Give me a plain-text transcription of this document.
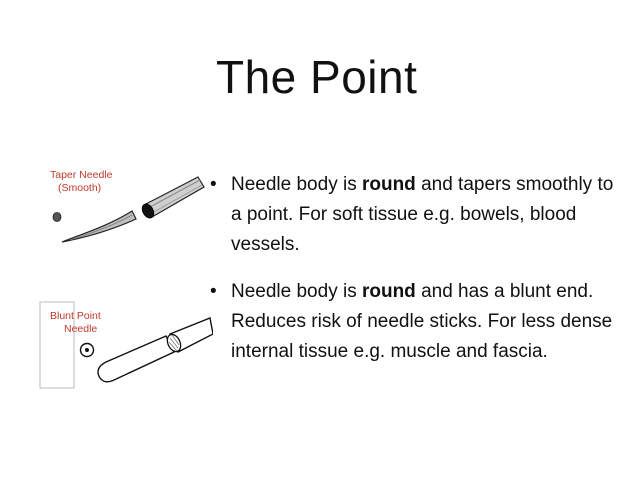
The Point
Taper Needle
(Smooth)
Blunt Point
Needle
• Needle body is round and tapers smoothly to a point. For soft tissue e.g. bowels, blood vessels.
• Needle body is round and has a blunt end. Reduces risk of needle sticks. For less dense internal tissue e.g. muscle and fascia.
